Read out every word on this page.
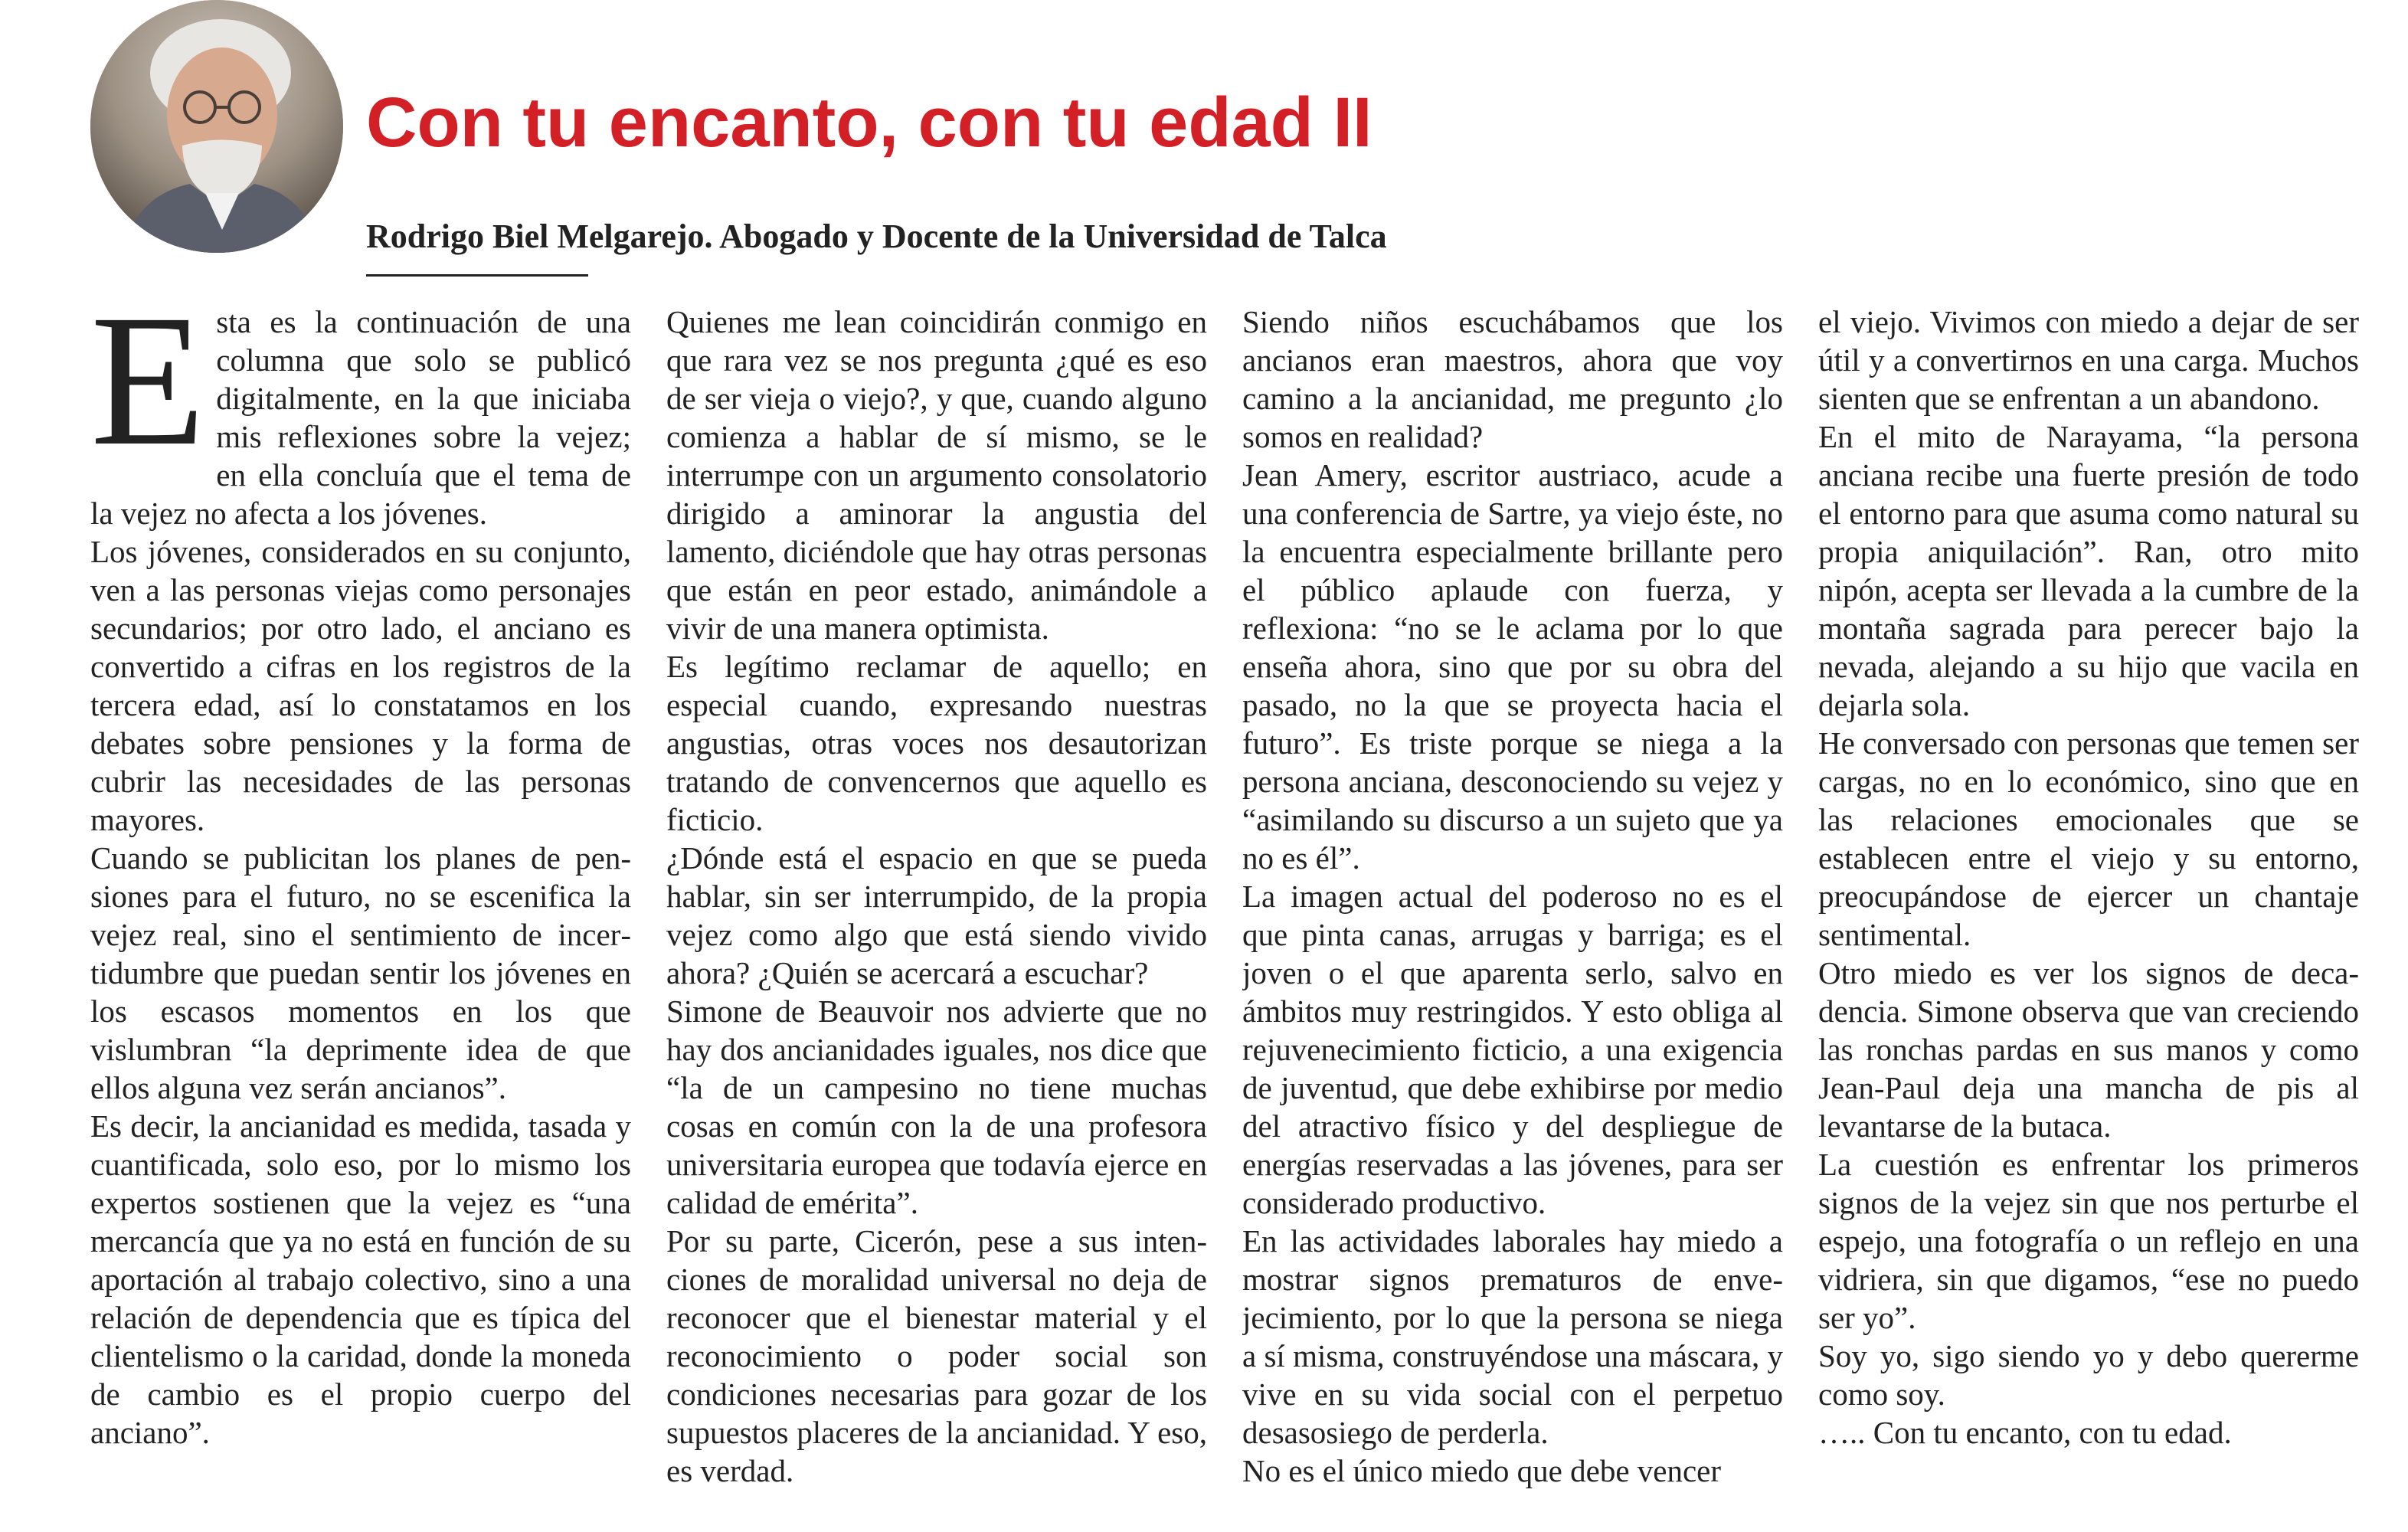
Con tu encanto, con tu edad II
Rodrigo Biel Melgarejo. Abogado y Docente de la Universidad de Talca
E sta es la continuación de una columna que solo se publicó digitalmente, en la que iniciaba mis reflexiones sobre la vejez; en ella concluía que el tema de la vejez no afecta a los jóvenes.

Los jóvenes, considerados en su conjunto, ven a las personas viejas como personajes secundarios; por otro lado, el anciano es convertido a cifras en los registros de la tercera edad, así lo constatamos en los debates sobre pensiones y la forma de cubrir las necesidades de las personas mayores.

Cuando se publicitan los planes de pensiones para el futuro, no se escenifica la vejez real, sino el sentimiento de incertidumbre que puedan sentir los jóvenes en los escasos momentos en los que vislumbran “la deprimente idea de que ellos alguna vez serán ancianos”.

Es decir, la ancianidad es medida, tasada y cuantificada, solo eso, por lo mismo los expertos sostienen que la vejez es “una mercancía que ya no está en función de su aportación al trabajo colectivo, sino a una relación de dependencia que es típica del clientelismo o la caridad, donde la moneda de cambio es el propio cuerpo del anciano”.

Quienes me lean coincidirán conmigo en que rara vez se nos pregunta ¿qué es eso de ser vieja o viejo?, y que, cuando alguno comienza a hablar de sí mismo, se le interrumpe con un argumento consolatorio dirigido a aminorar la angustia del lamento, diciéndole que hay otras personas que están en peor estado, animándole a vivir de una manera optimista.

Es legítimo reclamar de aquello; en especial cuando, expresando nuestras angustias, otras voces nos desautorizan tratando de convencernos que aquello es ficticio.

¿Dónde está el espacio en que se pueda hablar, sin ser interrumpido, de la propia vejez como algo que está siendo vivido ahora? ¿Quién se acercará a escuchar?

Simone de Beauvoir nos advierte que no hay dos ancianidades iguales, nos dice que “la de un campesino no tiene muchas cosas en común con la de una profesora universitaria europea que todavía ejerce en calidad de emérita”.

Por su parte, Cicerón, pese a sus intenciones de moralidad universal no deja de reconocer que el bienestar material y el reconocimiento o poder social son condiciones necesarias para gozar de los supuestos placeres de la ancianidad. Y eso, es verdad.

Siendo niños escuchábamos que los ancianos eran maestros, ahora que voy camino a la ancianidad, me pregunto ¿lo somos en realidad?

Jean Amery, escritor austriaco, acude a una conferencia de Sartre, ya viejo éste, no la encuentra especialmente brillante pero el público aplaude con fuerza, y reflexiona: “no se le aclama por lo que enseña ahora, sino que por su obra del pasado, no la que se proyecta hacia el futuro”. Es triste porque se niega a la persona anciana, desconociendo su vejez y “asimilando su discurso a un sujeto que ya no es él”.

La imagen actual del poderoso no es el que pinta canas, arrugas y barriga; es el joven o el que aparenta serlo, salvo en ámbitos muy restringidos. Y esto obliga al rejuvenecimiento ficticio, a una exigencia de juventud, que debe exhibirse por medio del atractivo físico y del despliegue de energías reservadas a las jóvenes, para ser considerado productivo.

En las actividades laborales hay miedo a mostrar signos prematuros de envejecimiento, por lo que la persona se niega a sí misma, construyéndose una máscara, y vive en su vida social con el perpetuo desasosiego de perderla.

No es el único miedo que debe vencer

el viejo. Vivimos con miedo a dejar de ser útil y a convertirnos en una carga. Muchos sienten que se enfrentan a un abandono.

En el mito de Narayama, “la persona anciana recibe una fuerte presión de todo el entorno para que asuma como natural su propia aniquilación”. Ran, otro mito nipón, acepta ser llevada a la cumbre de la montaña sagrada para perecer bajo la nevada, alejando a su hijo que vacila en dejarla sola.

He conversado con personas que temen ser cargas, no en lo económico, sino que en las relaciones emocionales que se establecen entre el viejo y su entorno, preocupándose de ejercer un chantaje sentimental.

Otro miedo es ver los signos de decadencia. Simone observa que van creciendo las ronchas pardas en sus manos y como Jean-Paul deja una mancha de pis al levantarse de la butaca.

La cuestión es enfrentar los primeros signos de la vejez sin que nos perturbe el espejo, una fotografía o un reflejo en una vidriera, sin que digamos, “ese no puedo ser yo”.

Soy yo, sigo siendo yo y debo quererme como soy.

….. Con tu encanto, con tu edad.
